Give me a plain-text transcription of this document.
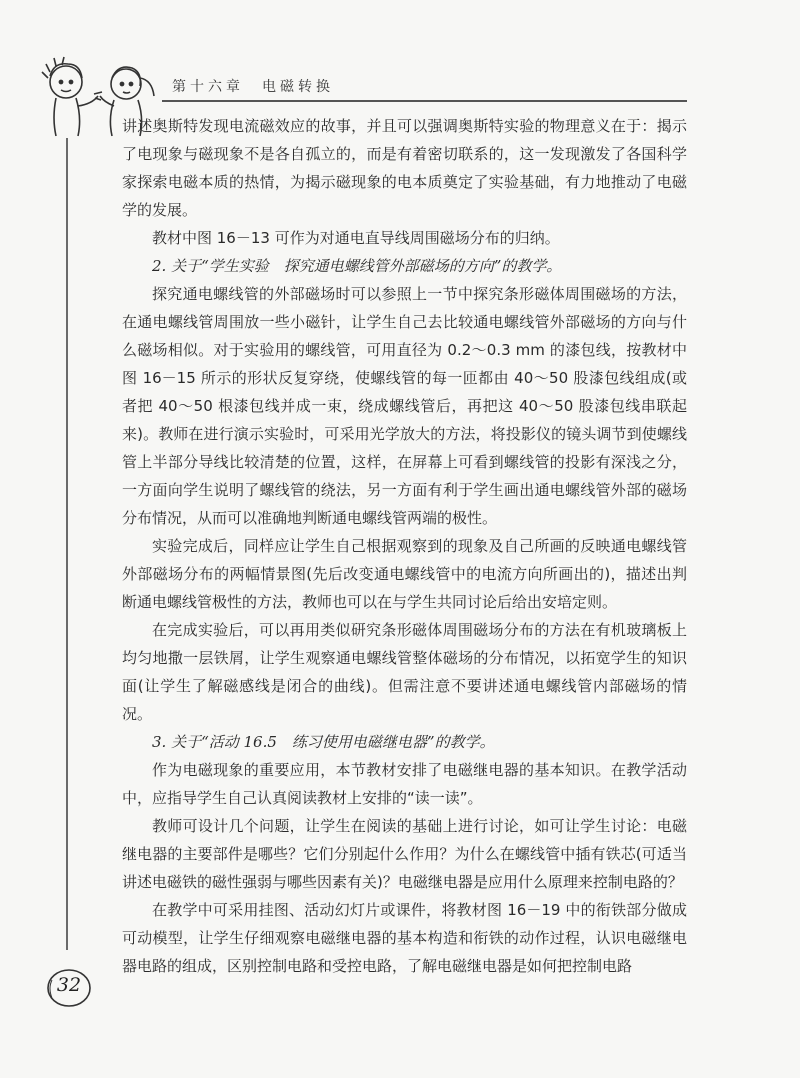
第十六章　电磁转换

讲述奥斯特发现电流磁效应的故事，并且可以强调奥斯特实验的物理意义在于：揭示了电现象与磁现象不是各自孤立的，而是有着密切联系的，这一发现激发了各国科学家探索电磁本质的热情，为揭示磁现象的电本质奠定了实验基础，有力地推动了电磁学的发展。

教材中图 16－13 可作为对通电直导线周围磁场分布的归纳。

2. 关于“学生实验　探究通电螺线管外部磁场的方向”的教学。

探究通电螺线管的外部磁场时可以参照上一节中探究条形磁体周围磁场的方法，在通电螺线管周围放一些小磁针，让学生自己去比较通电螺线管外部磁场的方向与什么磁场相似。对于实验用的螺线管，可用直径为 0.2～0.3 mm 的漆包线，按教材中图 16－15 所示的形状反复穿绕，使螺线管的每一匝都由 40～50 股漆包线组成(或者把 40～50 根漆包线并成一束，绕成螺线管后，再把这 40～50 股漆包线串联起来)。教师在进行演示实验时，可采用光学放大的方法，将投影仪的镜头调节到使螺线管上半部分导线比较清楚的位置，这样，在屏幕上可看到螺线管的投影有深浅之分，一方面向学生说明了螺线管的绕法，另一方面有利于学生画出通电螺线管外部的磁场分布情况，从而可以准确地判断通电螺线管两端的极性。

实验完成后，同样应让学生自己根据观察到的现象及自己所画的反映通电螺线管外部磁场分布的两幅情景图(先后改变通电螺线管中的电流方向所画出的)，描述出判断通电螺线管极性的方法，教师也可以在与学生共同讨论后给出安培定则。

在完成实验后，可以再用类似研究条形磁体周围磁场分布的方法在有机玻璃板上均匀地撒一层铁屑，让学生观察通电螺线管整体磁场的分布情况，以拓宽学生的知识面(让学生了解磁感线是闭合的曲线)。但需注意不要讲述通电螺线管内部磁场的情况。

3. 关于“活动 16.5　练习使用电磁继电器”的教学。

作为电磁现象的重要应用，本节教材安排了电磁继电器的基本知识。在教学活动中，应指导学生自己认真阅读教材上安排的“读一读”。

教师可设计几个问题，让学生在阅读的基础上进行讨论，如可让学生讨论：电磁继电器的主要部件是哪些？它们分别起什么作用？为什么在螺线管中插有铁芯(可适当讲述电磁铁的磁性强弱与哪些因素有关)？电磁继电器是应用什么原理来控制电路的？

在教学中可采用挂图、活动幻灯片或课件，将教材图 16－19 中的衔铁部分做成可动模型，让学生仔细观察电磁继电器的基本构造和衔铁的动作过程，认识电磁继电器电路的组成，区别控制电路和受控电路，了解电磁继电器是如何把控制电路

32
